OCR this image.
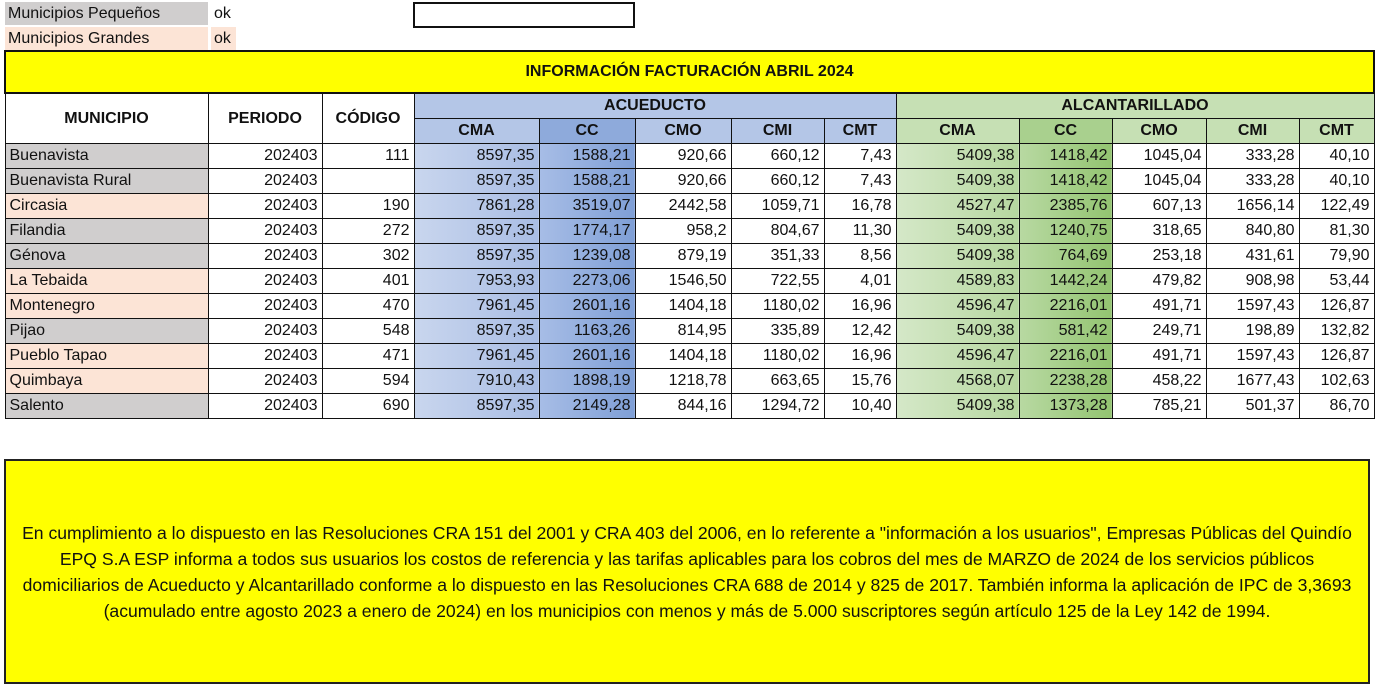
Municipios Pequeños	ok
Municipios Grandes	ok
INFORMACIÓN FACTURACIÓN ABRIL 2024												
MUNICIPIO	PERIODO	CÓDIGO	ACUEDUCTO					ALCANTARILLADO				
			CMA	CC	CMO	CMI	CMT	CMA	CC	CMO	CMI	CMT
Buenavista	202403	111	8597,35	1588,21	920,66	660,12	7,43	5409,38	1418,42	1045,04	333,28	40,10
Buenavista Rural	202403		8597,35	1588,21	920,66	660,12	7,43	5409,38	1418,42	1045,04	333,28	40,10
Circasia	202403	190	7861,28	3519,07	2442,58	1059,71	16,78	4527,47	2385,76	607,13	1656,14	122,49
Filandia	202403	272	8597,35	1774,17	958,2	804,67	11,30	5409,38	1240,75	318,65	840,80	81,30
Génova	202403	302	8597,35	1239,08	879,19	351,33	8,56	5409,38	764,69	253,18	431,61	79,90
La Tebaida	202403	401	7953,93	2273,06	1546,50	722,55	4,01	4589,83	1442,24	479,82	908,98	53,44
Montenegro	202403	470	7961,45	2601,16	1404,18	1180,02	16,96	4596,47	2216,01	491,71	1597,43	126,87
Pijao	202403	548	8597,35	1163,26	814,95	335,89	12,42	5409,38	581,42	249,71	198,89	132,82
Pueblo Tapao	202403	471	7961,45	2601,16	1404,18	1180,02	16,96	4596,47	2216,01	491,71	1597,43	126,87
Quimbaya	202403	594	7910,43	1898,19	1218,78	663,65	15,76	4568,07	2238,28	458,22	1677,43	102,63
Salento	202403	690	8597,35	2149,28	844,16	1294,72	10,40	5409,38	1373,28	785,21	501,37	86,70

En cumplimiento a lo dispuesto en las Resoluciones CRA 151 del 2001 y CRA 403 del 2006, en lo referente a "información a los usuarios", Empresas Públicas del Quindío EPQ S.A ESP informa a todos sus usuarios los costos de referencia y las tarifas aplicables para los cobros del mes de MARZO de 2024 de los servicios públicos domiciliarios de Acueducto y Alcantarillado conforme a lo dispuesto en las Resoluciones CRA 688 de 2014 y 825 de 2017. También informa la aplicación de IPC de 3,3693 (acumulado entre agosto 2023 a enero de 2024) en los municipios con menos y más de 5.000 suscriptores según artículo 125 de la Ley 142 de 1994.
